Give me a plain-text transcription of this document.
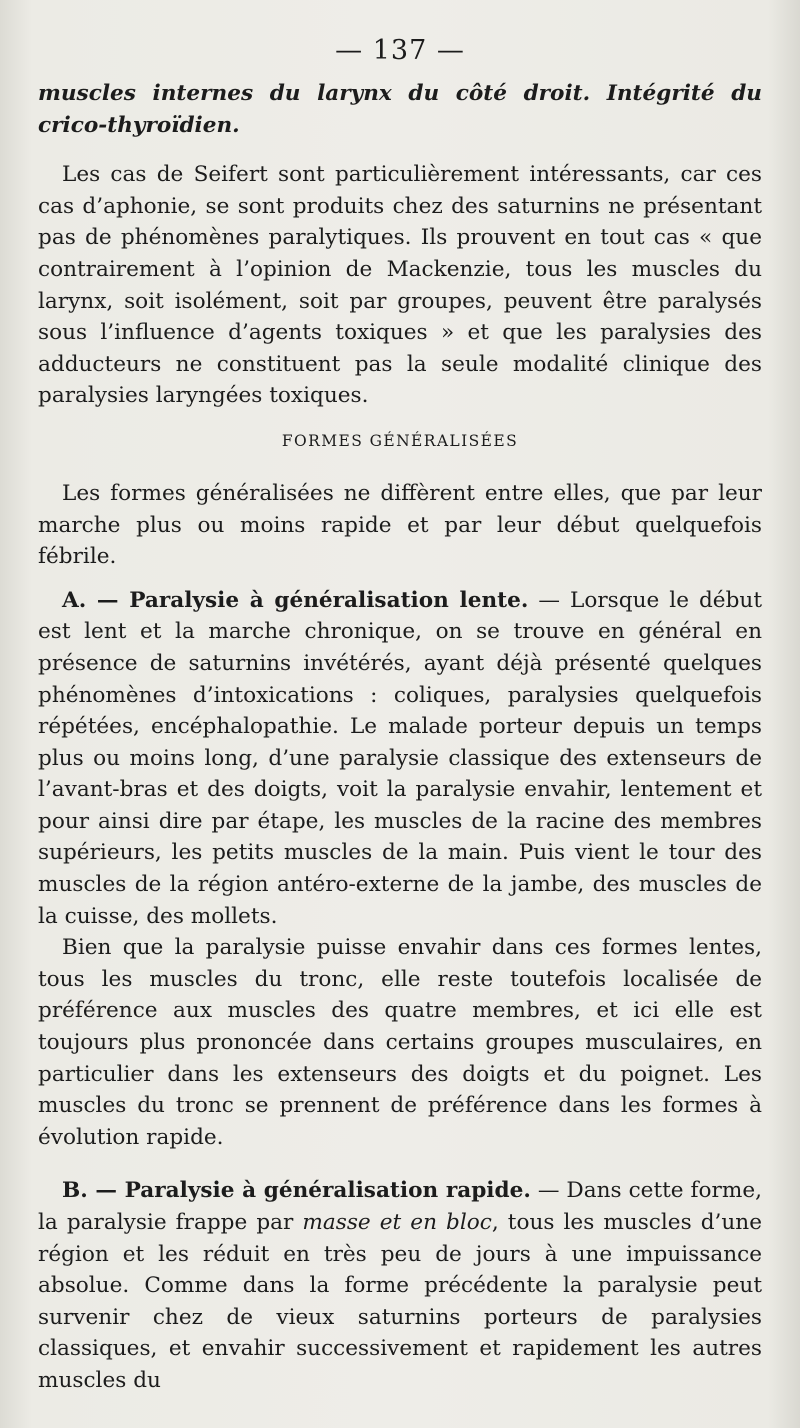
— 137 —

muscles internes du larynx du côté droit. Intégrité du crico-thyroïdien.

Les cas de Seifert sont particulièrement intéressants, car ces cas d’aphonie, se sont produits chez des saturnins ne présentant pas de phénomènes paralytiques. Ils prouvent en tout cas « que contrairement à l’opinion de Mackenzie, tous les muscles du larynx, soit isolément, soit par groupes, peuvent être paralysés sous l’influence d’agents toxiques » et que les paralysies des adducteurs ne constituent pas la seule modalité clinique des paralysies laryngées toxiques.

FORMES GÉNÉRALISÉES

Les formes généralisées ne diffèrent entre elles, que par leur marche plus ou moins rapide et par leur début quelquefois fébrile.

A. — Paralysie à généralisation lente. — Lorsque le début est lent et la marche chronique, on se trouve en général en présence de saturnins invétérés, ayant déjà présenté quelques phénomènes d’intoxications : coliques, paralysies quelquefois répétées, encéphalopathie. Le malade porteur depuis un temps plus ou moins long, d’une paralysie classique des extenseurs de l’avant-bras et des doigts, voit la paralysie envahir, lentement et pour ainsi dire par étape, les muscles de la racine des membres supérieurs, les petits muscles de la main. Puis vient le tour des muscles de la région antéro-externe de la jambe, des muscles de la cuisse, des mollets.

Bien que la paralysie puisse envahir dans ces formes lentes, tous les muscles du tronc, elle reste toutefois localisée de préférence aux muscles des quatre membres, et ici elle est toujours plus prononcée dans certains groupes musculaires, en particulier dans les extenseurs des doigts et du poignet. Les muscles du tronc se prennent de préférence dans les formes à évolution rapide.

B. — Paralysie à généralisation rapide. — Dans cette forme, la paralysie frappe par masse et en bloc, tous les muscles d’une région et les réduit en très peu de jours à une impuissance absolue. Comme dans la forme précédente la paralysie peut survenir chez de vieux saturnins porteurs de paralysies classiques, et envahir successivement et rapidement les autres muscles du
